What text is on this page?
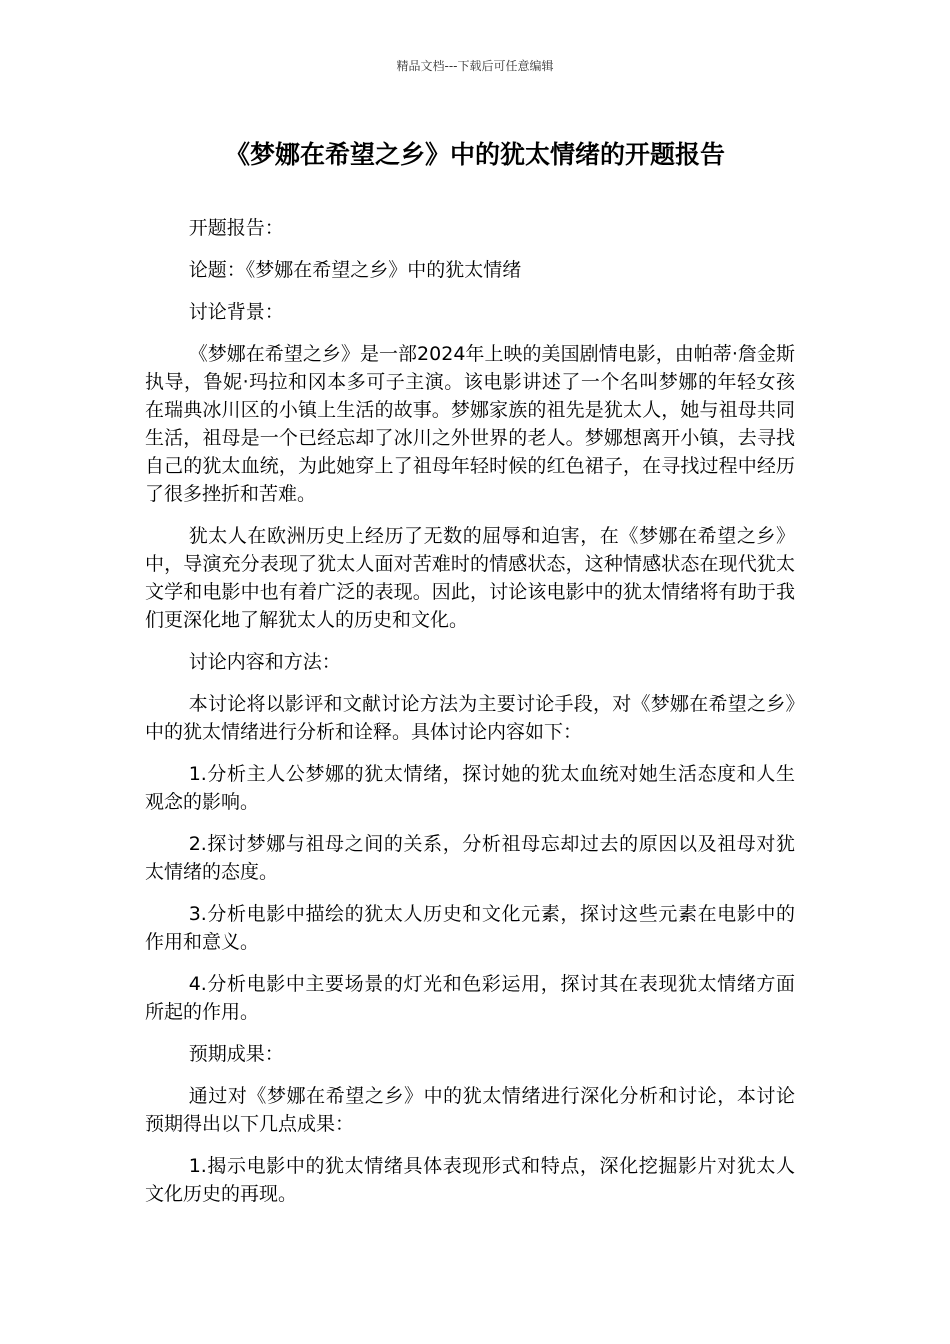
精品文档---下载后可任意编辑
《梦娜在希望之乡》中的犹太情绪的开题报告

开题报告：

论题：《梦娜在希望之乡》中的犹太情绪

讨论背景：

《梦娜在希望之乡》是一部2024年上映的美国剧情电影，由帕蒂·詹金斯执导，鲁妮·玛拉和冈本多可子主演。该电影讲述了一个名叫梦娜的年轻女孩在瑞典冰川区的小镇上生活的故事。梦娜家族的祖先是犹太人，她与祖母共同生活，祖母是一个已经忘却了冰川之外世界的老人。梦娜想离开小镇，去寻找自己的犹太血统，为此她穿上了祖母年轻时候的红色裙子，在寻找过程中经历了很多挫折和苦难。

犹太人在欧洲历史上经历了无数的屈辱和迫害，在《梦娜在希望之乡》中，导演充分表现了犹太人面对苦难时的情感状态，这种情感状态在现代犹太文学和电影中也有着广泛的表现。因此，讨论该电影中的犹太情绪将有助于我们更深化地了解犹太人的历史和文化。

讨论内容和方法：

本讨论将以影评和文献讨论方法为主要讨论手段，对《梦娜在希望之乡》中的犹太情绪进行分析和诠释。具体讨论内容如下：

1.分析主人公梦娜的犹太情绪，探讨她的犹太血统对她生活态度和人生观念的影响。

2.探讨梦娜与祖母之间的关系，分析祖母忘却过去的原因以及祖母对犹太情绪的态度。

3.分析电影中描绘的犹太人历史和文化元素，探讨这些元素在电影中的作用和意义。

4.分析电影中主要场景的灯光和色彩运用，探讨其在表现犹太情绪方面所起的作用。

预期成果：

通过对《梦娜在希望之乡》中的犹太情绪进行深化分析和讨论，本讨论预期得出以下几点成果：

1.揭示电影中的犹太情绪具体表现形式和特点，深化挖掘影片对犹太人文化历史的再现。
